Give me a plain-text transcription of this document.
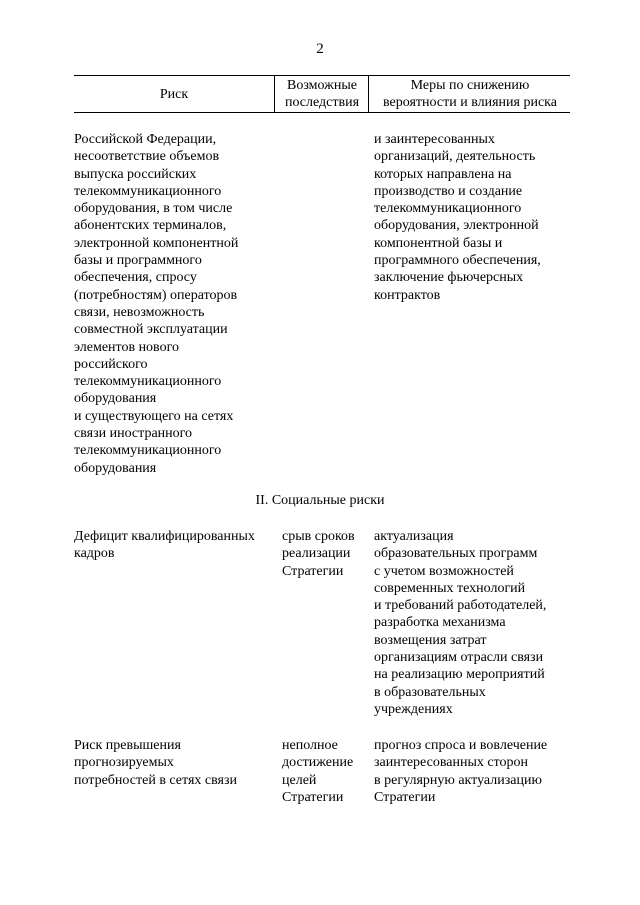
2
Риск
Возможные
последствия
Меры по снижению
вероятности и влияния риска
Российской Федерации,
несоответствие объемов
выпуска российских
телекоммуникационного
оборудования, в том числе
абонентских терминалов,
электронной компонентной
базы и программного
обеспечения, спросу
(потребностям) операторов
связи, невозможность
совместной эксплуатации
элементов нового
российского
телекоммуникационного
оборудования
и существующего на сетях
связи иностранного
телекоммуникационного
оборудования
и заинтересованных
организаций, деятельность
которых направлена на
производство и создание
телекоммуникационного
оборудования, электронной
компонентной базы и
программного обеспечения,
заключение фьючерсных
контрактов
II. Социальные риски
Дефицит квалифицированных
кадров
срыв сроков
реализации
Стратегии
актуализация
образовательных программ
с учетом возможностей
современных технологий
и требований работодателей,
разработка механизма
возмещения затрат
организациям отрасли связи
на реализацию мероприятий
в образовательных
учреждениях
Риск превышения
прогнозируемых
потребностей в сетях связи
неполное
достижение
целей
Стратегии
прогноз спроса и вовлечение
заинтересованных сторон
в регулярную актуализацию
Стратегии
